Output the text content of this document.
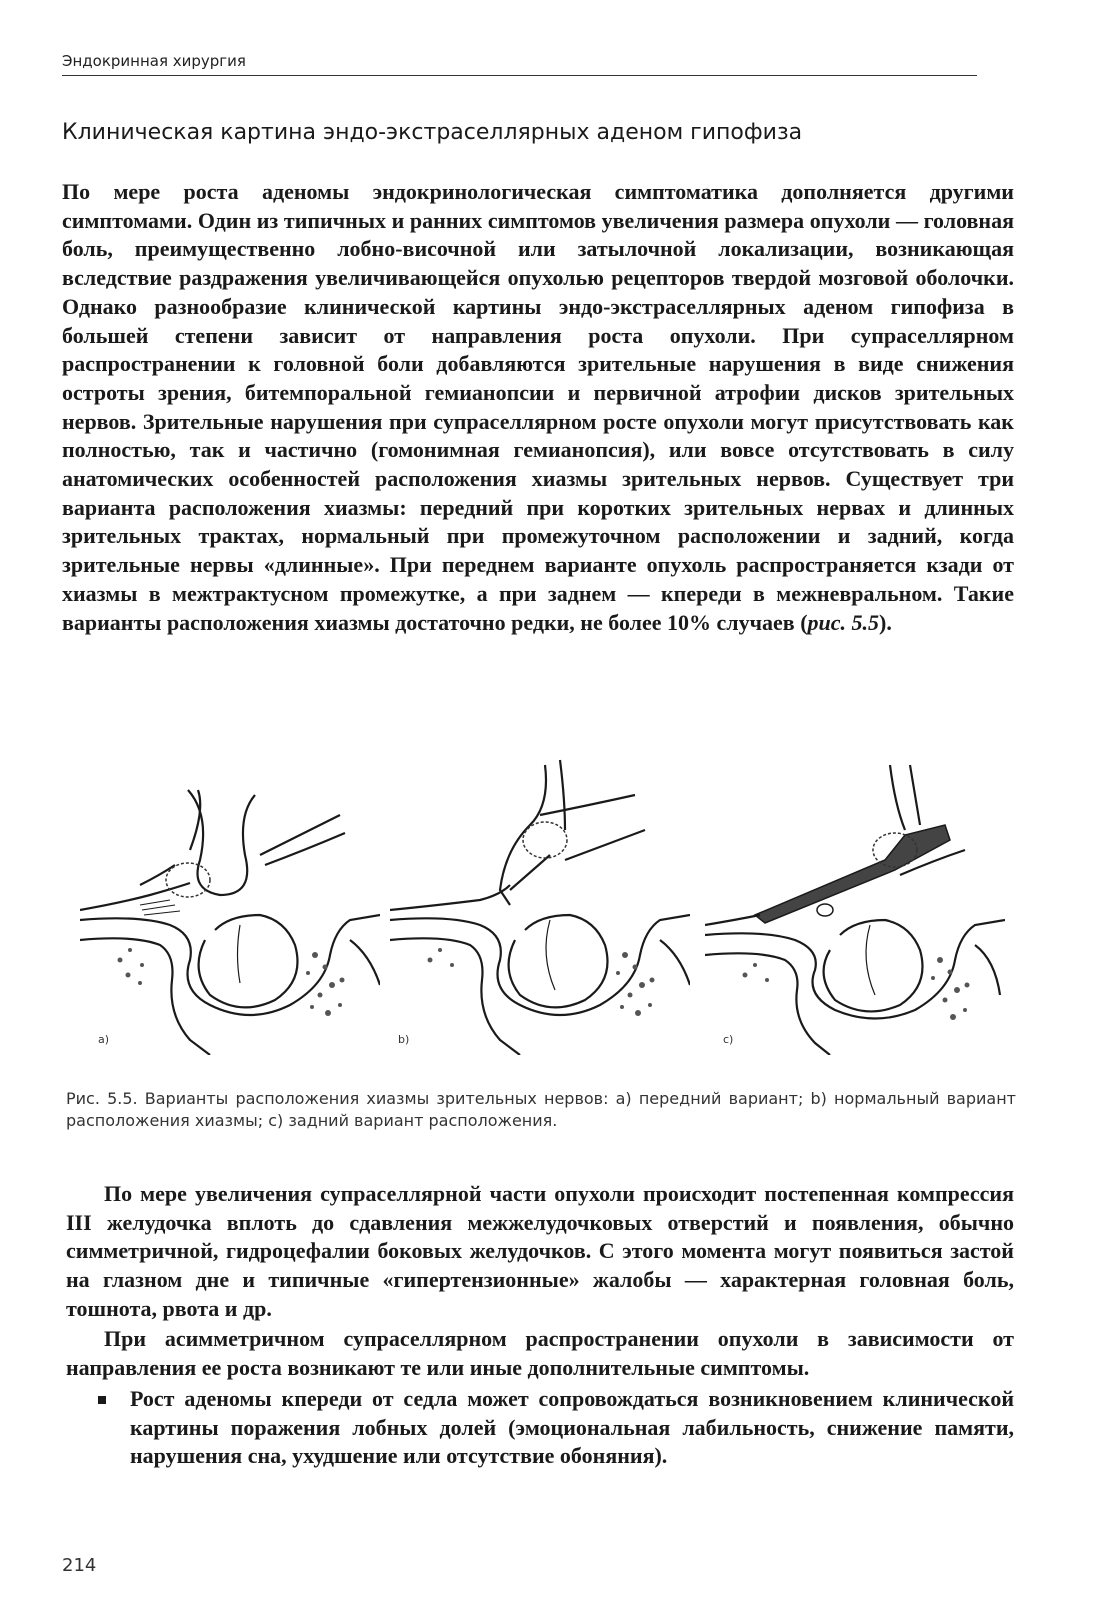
Эндокринная хирургия
Клиническая картина эндо-экстраселлярных аденом гипофиза

По мере роста аденомы эндокринологическая симптоматика дополняется другими симптомами. Один из типичных и ранних симптомов увеличения размера опухоли — головная боль, преимущественно лобно-височной или затылочной локализации, возникающая вследствие раздражения увеличивающейся опухолью рецепторов твердой мозговой оболочки. Однако разнообразие клинической картины эндо-экстраселлярных аденом гипофиза в большей степени зависит от направления роста опухоли. При супраселлярном распространении к головной боли добавляются зрительные нарушения в виде снижения остроты зрения, битемпоральной гемианопсии и первичной атрофии дисков зрительных нервов. Зрительные нарушения при супраселлярном росте опухоли могут присутствовать как полностью, так и частично (гомонимная гемианопсия), или вовсе отсутствовать в силу анатомических особенностей расположения хиазмы зрительных нервов. Существует три варианта расположения хиазмы: передний при коротких зрительных нервах и длинных зрительных трактах, нормальный при промежуточном расположении и задний, когда зрительные нервы «длинные». При переднем варианте опухоль распространяется кзади от хиазмы в межтрактусном промежутке, а при заднем — кпереди в межневральном. Такие варианты расположения хиазмы достаточно редки, не более 10% случаев (рис. 5.5).

a)	b)	c)

Рис. 5.5. Варианты расположения хиазмы зрительных нервов: a) передний вариант; b) нормальный вариант расположения хиазмы; c) задний вариант расположения.

По мере увеличения супраселлярной части опухоли происходит постепенная компрессия III желудочка вплоть до сдавления межжелудочковых отверстий и появления, обычно симметричной, гидроцефалии боковых желудочков. С этого момента могут появиться застой на глазном дне и типичные «гипертензионные» жалобы — характерная головная боль, тошнота, рвота и др.

При асимметричном супраселлярном распространении опухоли в зависимости от направления ее роста возникают те или иные дополнительные симптомы.

Рост аденомы кпереди от седла может сопровождаться возникновением клинической картины поражения лобных долей (эмоциональная лабильность, снижение памяти, нарушения сна, ухудшение или отсутствие обоняния).

214
